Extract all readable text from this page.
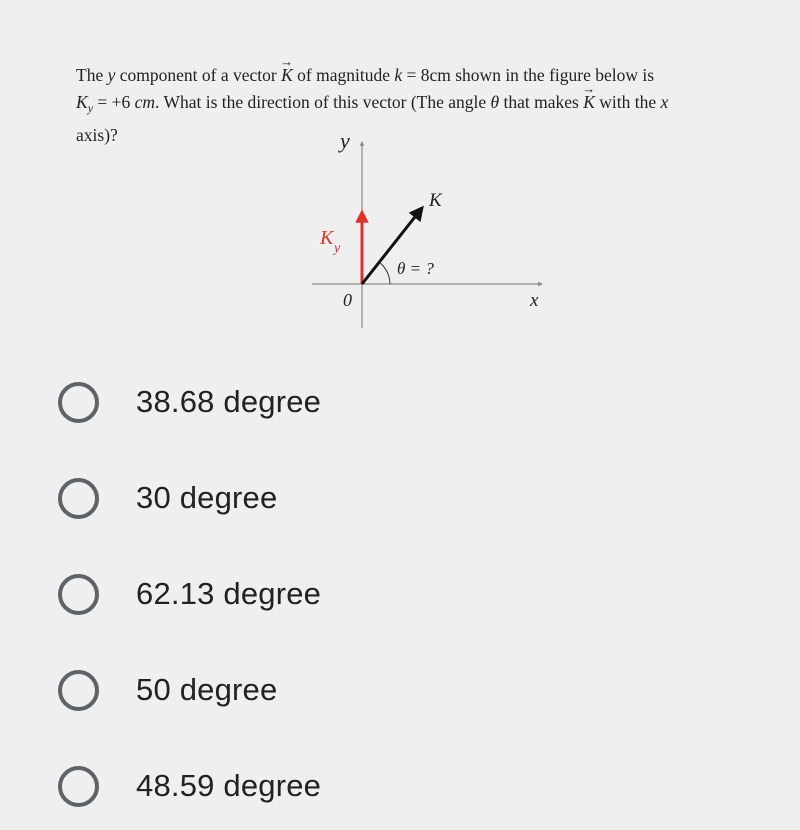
The y component of a vector → K of magnitude k = 8cm shown in the figure below is
$K_y = +6$ cm. What is the direction of this vector (The angle θ that makes → K with the x
axis)?	y
x
0
K
K y
θ = ?
38.68 degree
30 degree
62.13 degree
50 degree
48.59 degree
